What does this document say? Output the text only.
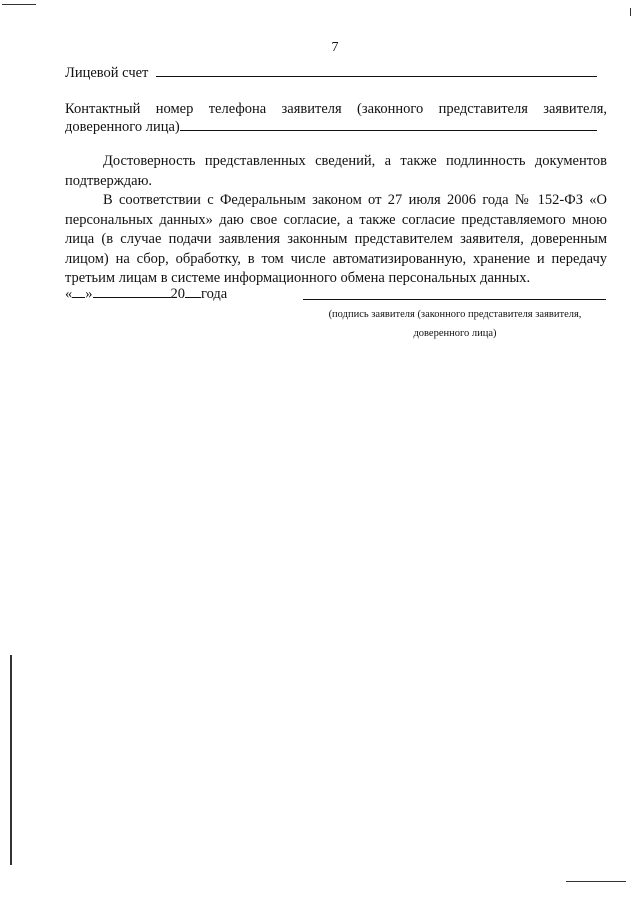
7
Лицевой счет
Контактный номер телефона заявителя (законного представителя заявителя,
доверенного лица)

Достоверность представленных сведений, а также подлинность документов подтверждаю.

В соответствии с Федеральным законом от 27 июля 2006 года № 152-ФЗ «О персональных данных» даю свое согласие, а также согласие представляемого мною лица (в случае подачи заявления законным представителем заявителя, доверенным лицом) на сбор, обработку, в том числе автоматизированную, хранение и передачу третьим лицам в системе информационного обмена персональных данных.

« »	20 года
(подпись заявителя (законного представителя заявителя,
доверенного лица)
